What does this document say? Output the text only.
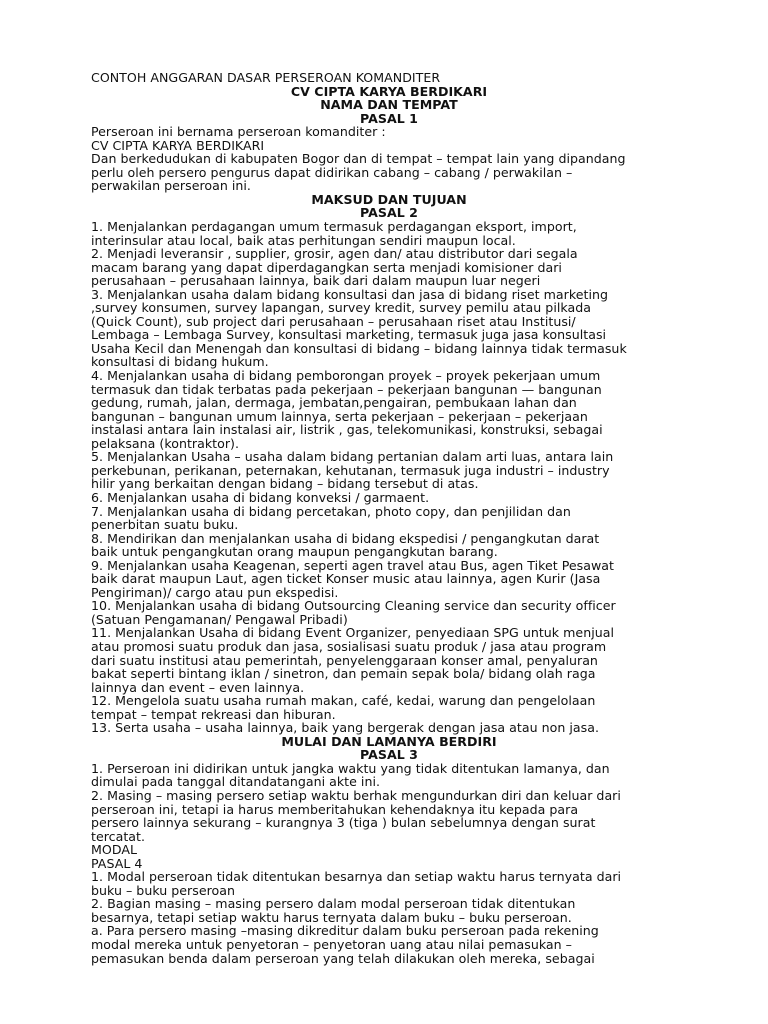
CONTOH ANGGARAN DASAR PERSEROAN KOMANDITER
CV CIPTA KARYA BERDIKARI
NAMA DAN TEMPAT
PASAL 1
Perseroan ini bernama perseroan komanditer :
CV CIPTA KARYA BERDIKARI
Dan berkedudukan di kabupaten Bogor dan di tempat – tempat lain yang dipandang
perlu oleh persero pengurus dapat didirikan cabang – cabang / perwakilan –
perwakilan perseroan ini.
MAKSUD DAN TUJUAN
PASAL 2
1. Menjalankan perdagangan umum termasuk perdagangan eksport, import,
interinsular atau local, baik atas perhitungan sendiri maupun local.
2. Menjadi leveransir , supplier, grosir, agen dan/ atau distributor dari segala
macam barang yang dapat diperdagangkan serta menjadi komisioner dari
perusahaan – perusahaan lainnya, baik dari dalam maupun luar negeri
3. Menjalankan usaha dalam bidang konsultasi dan jasa di bidang riset marketing
,survey konsumen, survey lapangan, survey kredit, survey pemilu atau pilkada
(Quick Count), sub project dari perusahaan – perusahaan riset atau Institusi/
Lembaga – Lembaga Survey, konsultasi marketing, termasuk juga jasa konsultasi
Usaha Kecil dan Menengah dan konsultasi di bidang – bidang lainnya tidak termasuk
konsultasi di bidang hukum.
4. Menjalankan usaha di bidang pemborongan proyek – proyek pekerjaan umum
termasuk dan tidak terbatas pada pekerjaan – pekerjaan bangunan — bangunan
gedung, rumah, jalan, dermaga, jembatan,pengairan, pembukaan lahan dan
bangunan – bangunan umum lainnya, serta pekerjaan – pekerjaan – pekerjaan
instalasi antara lain instalasi air, listrik , gas, telekomunikasi, konstruksi, sebagai
pelaksana (kontraktor).
5. Menjalankan Usaha – usaha dalam bidang pertanian dalam arti luas, antara lain
perkebunan, perikanan, peternakan, kehutanan, termasuk juga industri – industry
hilir yang berkaitan dengan bidang – bidang tersebut di atas.
6. Menjalankan usaha di bidang konveksi / garmaent.
7. Menjalankan usaha di bidang percetakan, photo copy, dan penjilidan dan
penerbitan suatu buku.
8. Mendirikan dan menjalankan usaha di bidang ekspedisi / pengangkutan darat
baik untuk pengangkutan orang maupun pengangkutan barang.
9. Menjalankan usaha Keagenan, seperti agen travel atau Bus, agen Tiket Pesawat
baik darat maupun Laut, agen ticket Konser music atau lainnya, agen Kurir (Jasa
Pengiriman)/ cargo atau pun ekspedisi.
10. Menjalankan usaha di bidang Outsourcing Cleaning service dan security officer
(Satuan Pengamanan/ Pengawal Pribadi)
11. Menjalankan Usaha di bidang Event Organizer, penyediaan SPG untuk menjual
atau promosi suatu produk dan jasa, sosialisasi suatu produk / jasa atau program
dari suatu institusi atau pemerintah, penyelenggaraan konser amal, penyaluran
bakat seperti bintang iklan / sinetron, dan pemain sepak bola/ bidang olah raga
lainnya dan event – even lainnya.
12. Mengelola suatu usaha rumah makan, café, kedai, warung dan pengelolaan
tempat – tempat rekreasi dan hiburan.
13. Serta usaha – usaha lainnya, baik yang bergerak dengan jasa atau non jasa.
MULAI DAN LAMANYA BERDIRI
PASAL 3
1. Perseroan ini didirikan untuk jangka waktu yang tidak ditentukan lamanya, dan
dimulai pada tanggal ditandatangani akte ini.
2. Masing – masing persero setiap waktu berhak mengundurkan diri dan keluar dari
perseroan ini, tetapi ia harus memberitahukan kehendaknya itu kepada para
persero lainnya sekurang – kurangnya 3 (tiga ) bulan sebelumnya dengan surat
tercatat.
MODAL
PASAL 4
1. Modal perseroan tidak ditentukan besarnya dan setiap waktu harus ternyata dari
buku – buku perseroan
2. Bagian masing – masing persero dalam modal perseroan tidak ditentukan
besarnya, tetapi setiap waktu harus ternyata dalam buku – buku perseroan.
a. Para persero masing –masing dikreditur dalam buku perseroan pada rekening
modal mereka untuk penyetoran – penyetoran uang atau nilai pemasukan –
pemasukan benda dalam perseroan yang telah dilakukan oleh mereka, sebagai
